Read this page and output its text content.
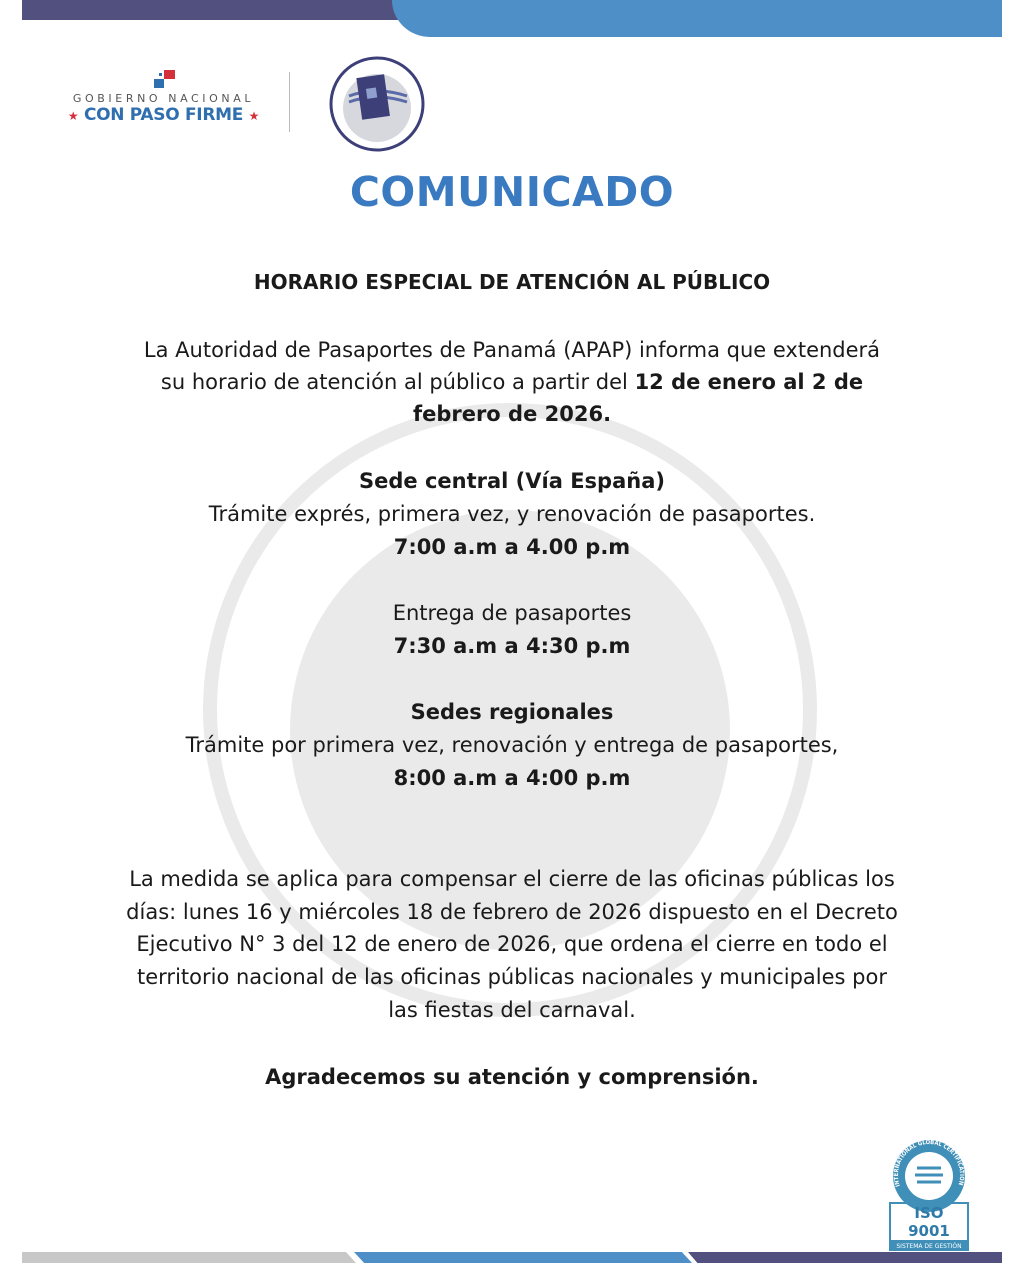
GOBIERNO NACIONAL
★ CON PASO FIRME ★
COMUNICADO
HORARIO ESPECIAL DE ATENCIÓN AL PÚBLICO
La Autoridad de Pasaportes de Panamá (APAP) informa que extenderá
su horario de atención al público a partir del 12 de enero al 2 de
febrero de 2026.
Sede central (Vía España)
Trámite exprés, primera vez, y renovación de pasaportes.
7:00 a.m a 4.00 p.m
Entrega de pasaportes
7:30 a.m a 4:30 p.m
Sedes regionales
Trámite por primera vez, renovación y entrega de pasaportes,
8:00 a.m a 4:00 p.m
La medida se aplica para compensar el cierre de las oficinas públicas los
días: lunes 16 y miércoles 18 de febrero de 2026 dispuesto en el Decreto
Ejecutivo N° 3 del 12 de enero de 2026, que ordena el cierre en todo el
territorio nacional de las oficinas públicas nacionales y municipales por
las fiestas del carnaval.
Agradecemos su atención y comprensión.
INTERNATIONAL GLOBAL CERTIFICATION
ISO 9001
SISTEMA DE GESTIÓN
